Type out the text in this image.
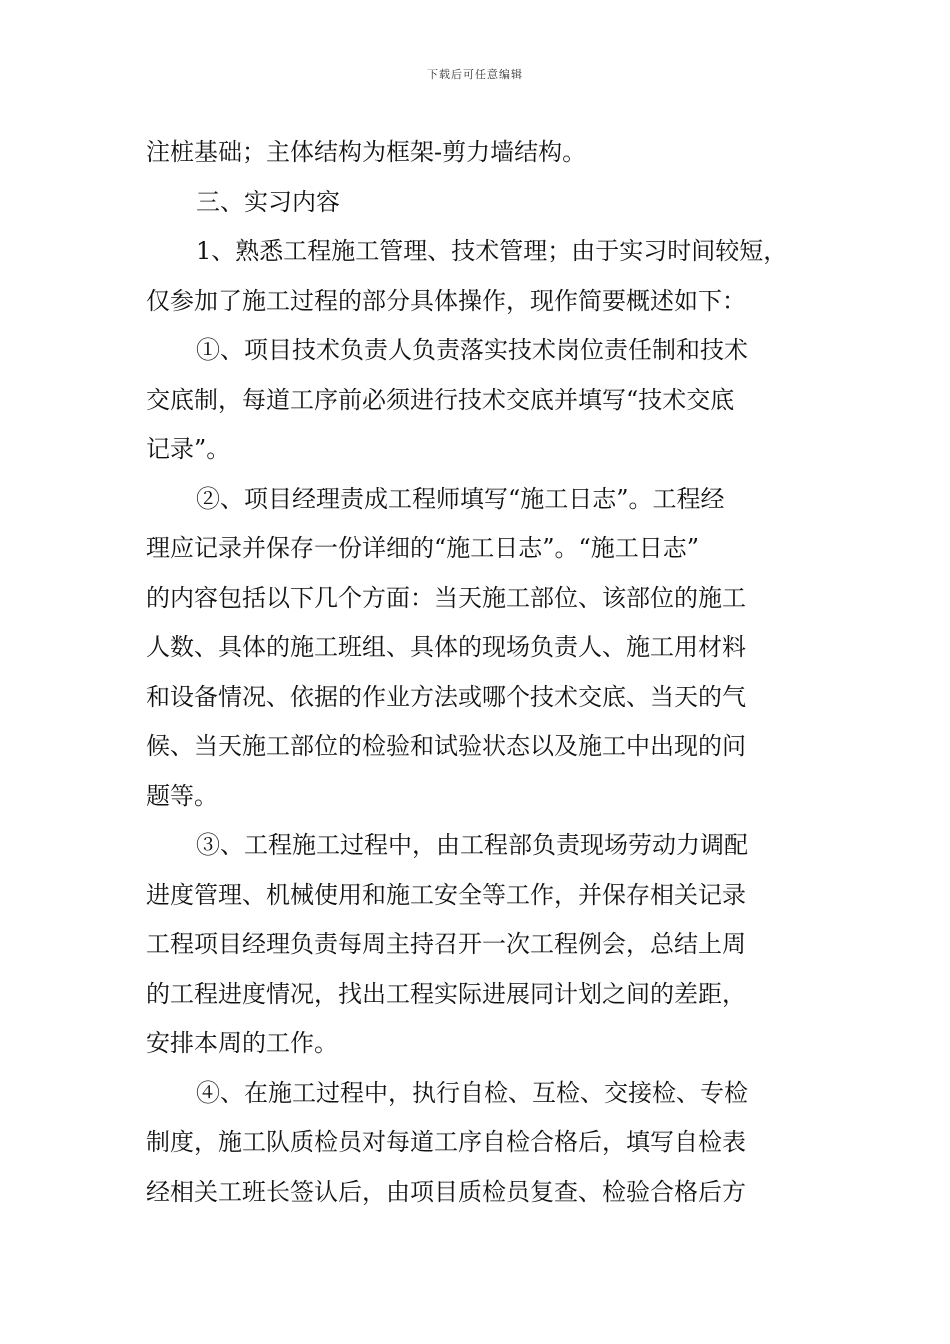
下载后可任意编辑
注桩基础；主体结构为框架-剪力墙结构。
三、实习内容
1、熟悉工程施工管理、技术管理；由于实习时间较短，
仅参加了施工过程的部分具体操作，现作简要概述如下：
①、项目技术负责人负责落实技术岗位责任制和技术
交底制，每道工序前必须进行技术交底并填写“技术交底
记录”。
②、项目经理责成工程师填写“施工日志”。工程经
理应记录并保存一份详细的“施工日志”。“施工日志”
的内容包括以下几个方面：当天施工部位、该部位的施工
人数、具体的施工班组、具体的现场负责人、施工用材料
和设备情况、依据的作业方法或哪个技术交底、当天的气
候、当天施工部位的检验和试验状态以及施工中出现的问
题等。
③、工程施工过程中，由工程部负责现场劳动力调配
进度管理、机械使用和施工安全等工作，并保存相关记录
工程项目经理负责每周主持召开一次工程例会，总结上周
的工程进度情况，找出工程实际进展同计划之间的差距，
安排本周的工作。
④、在施工过程中，执行自检、互检、交接检、专检
制度，施工队质检员对每道工序自检合格后，填写自检表
经相关工班长签认后，由项目质检员复查、检验合格后方
